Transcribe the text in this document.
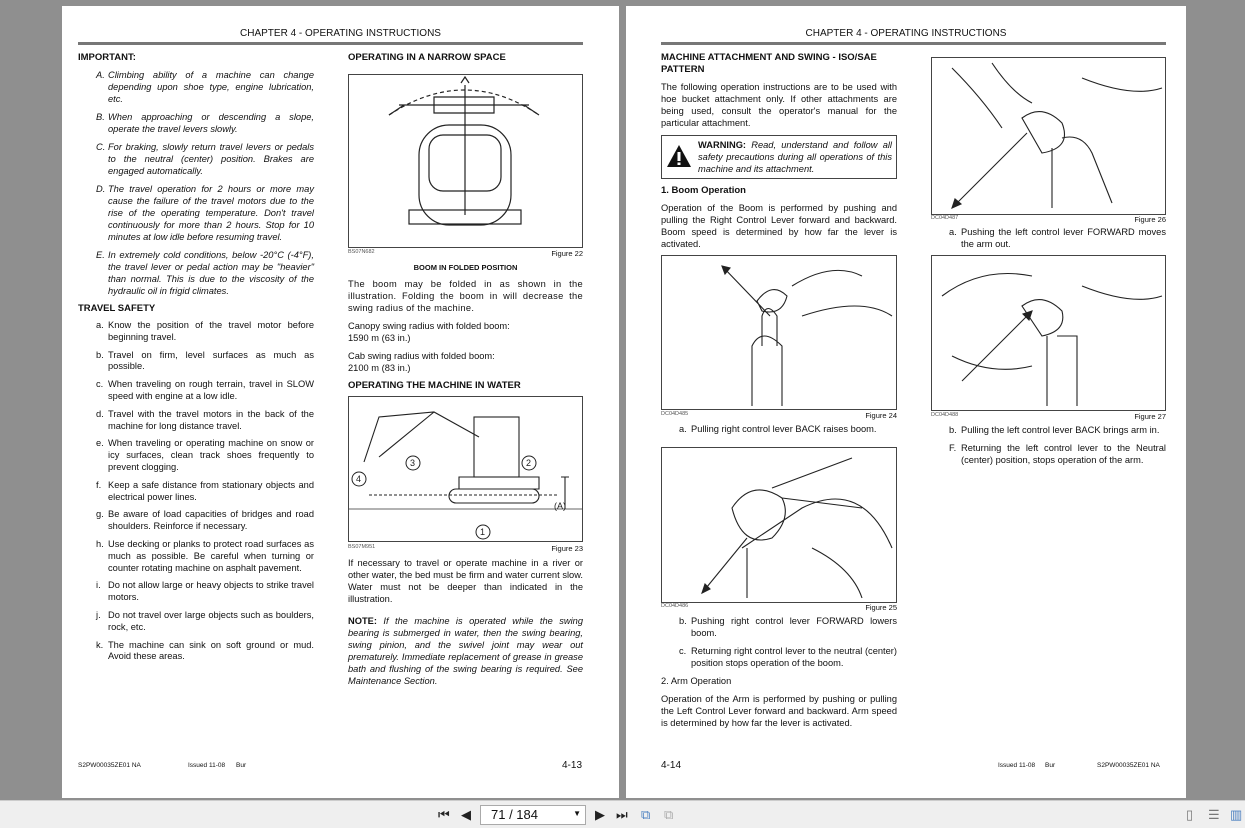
CHAPTER 4 - OPERATING INSTRUCTIONS
IMPORTANT:
A. Climbing ability of a machine can change depending upon shoe type, engine lubrication, etc.
B. When approaching or descending a slope, operate the travel levers slowly.
C. For braking, slowly return travel levers or pedals to the neutral (center) position. Brakes are engaged automatically.
D. The travel operation for 2 hours or more may cause the failure of the travel motors due to the rise of the operating temperature. Don't travel continuously for more than 2 hours. Stop for 10 minutes at low idle before resuming travel.
E. In extremely cold conditions, below -20°C (-4°F), the travel lever or pedal action may be "heavier" than normal. This is due to the viscosity of the hydraulic oil in frigid climates.
TRAVEL SAFETY
a. Know the position of the travel motor before beginning travel.
b. Travel on firm, level surfaces as much as possible.
c. When traveling on rough terrain, travel in SLOW speed with engine at a low idle.
d. Travel with the travel motors in the back of the machine for long distance travel.
e. When traveling or operating machine on snow or icy surfaces, clean track shoes frequently to prevent clogging.
f. Keep a safe distance from stationary objects and electrical power lines.
g. Be aware of load capacities of bridges and road shoulders. Reinforce if necessary.
h. Use decking or planks to protect road surfaces as much as possible. Be careful when turning or counter rotating machine on asphalt pavement.
i. Do not allow large or heavy objects to strike travel motors.
j. Do not travel over large objects such as boulders, rock, etc.
k. The machine can sink on soft ground or mud. Avoid these areas.
OPERATING IN A NARROW SPACE
BS07N682	Figure 22
BOOM IN FOLDED POSITION

The boom may be folded in as shown in the illustration. Folding the boom in will decrease the swing radius of the machine.

Canopy swing radius with folded boom:
1590 m (63 in.)

Cab swing radius with folded boom:
2100 m (83 in.)

OPERATING THE MACHINE IN WATER
1
2
3
4
(A)
BS07M951	Figure 23

If necessary to travel or operate machine in a river or other water, the bed must be firm and water current slow. Water must not be deeper than indicated in the illustration.

NOTE: If the machine is operated while the swing bearing is submerged in water, then the swing bearing, swing pinion, and the swivel joint may wear out prematurely. Immediate replacement of grease in grease bath and flushing of the swing bearing is required. See Maintenance Section.

S2PW00035ZE01 NA	Issued 11-08 Bur	4-13
CHAPTER 4 - OPERATING INSTRUCTIONS
MACHINE ATTACHMENT AND SWING - ISO/SAE PATTERN

The following operation instructions are to be used with hoe bucket attachment only. If other attachments are being used, consult the operator's manual for the particular attachment.

WARNING: Read, understand and follow all safety precautions during all operations of this machine and its attachment.
1. Boom Operation

Operation of the Boom is performed by pushing and pulling the Right Control Lever forward and backward. Boom speed is determined by how far the lever is activated.

DC04D485	Figure 24
a. Pulling right control lever BACK raises boom.
DC04D486	Figure 25
b. Pushing right control lever FORWARD lowers boom.
c. Returning right control lever to the neutral (center) position stops operation of the boom.

2. Arm Operation

Operation of the Arm is performed by pushing or pulling the Left Control Lever forward and backward. Arm speed is determined by how far the lever is activated.

DC04D487	Figure 26
a. Pushing the left control lever FORWARD moves the arm out.
DC04D488	Figure 27
b. Pulling the left control lever BACK brings arm in.
F. Returning the left control lever to the Neutral (center) position, stops operation of the arm.
4-14	Issued 11-08 Bur	S2PW00035ZE01 NA
⏮ ◀	71 / 184	▼ ▶ ⏭ ⧉ ⧉	▯ ☰ ▥
